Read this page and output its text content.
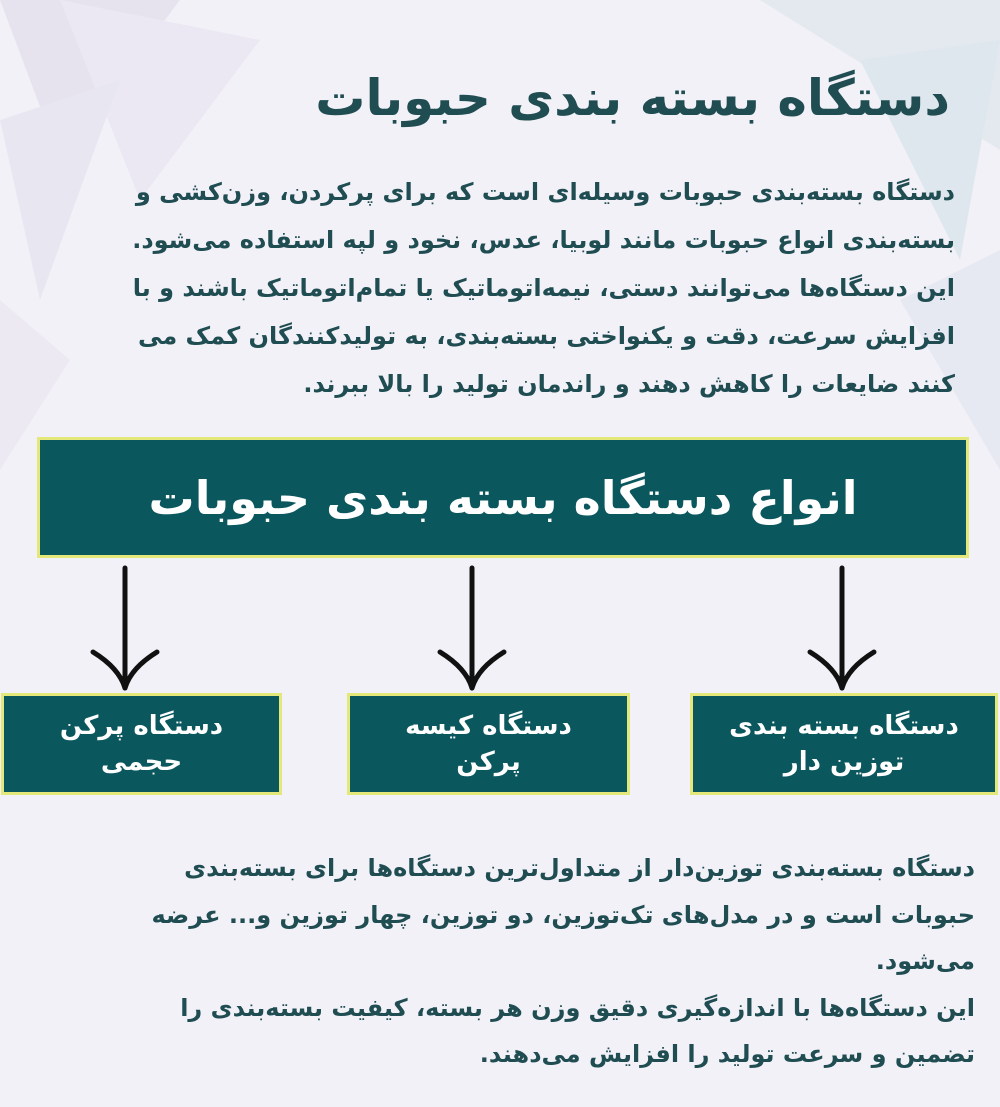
دستگاه بسته بندی حبوبات

دستگاه بسته‌بندی حبوبات وسیله‌ای است که برای پرکردن، وزن‌کشی و
بسته‌بندی انواع حبوبات مانند لوبیا، عدس، نخود و لپه استفاده می‌شود.
این دستگاه‌ها می‌توانند دستی، نیمه‌اتوماتیک یا تمام‌اتوماتیک باشند و با
افزایش سرعت، دقت و یکنواختی بسته‌بندی، به تولیدکنندگان کمک می
کنند ضایعات را کاهش دهند و راندمان تولید را بالا ببرند.

انواع دستگاه بسته بندی حبوبات
دستگاه بسته بندی توزین دار
دستگاه کیسه پرکن
دستگاه پرکن حجمی

دستگاه بسته‌بندی توزین‌دار از متداول‌ترین دستگاه‌ها برای بسته‌بندی
حبوبات است و در مدل‌های تک‌توزین، دو توزین، چهار توزین و... عرضه
می‌شود.
این دستگاه‌ها با اندازه‌گیری دقیق وزن هر بسته، کیفیت بسته‌بندی را
تضمین و سرعت تولید را افزایش می‌دهند.
